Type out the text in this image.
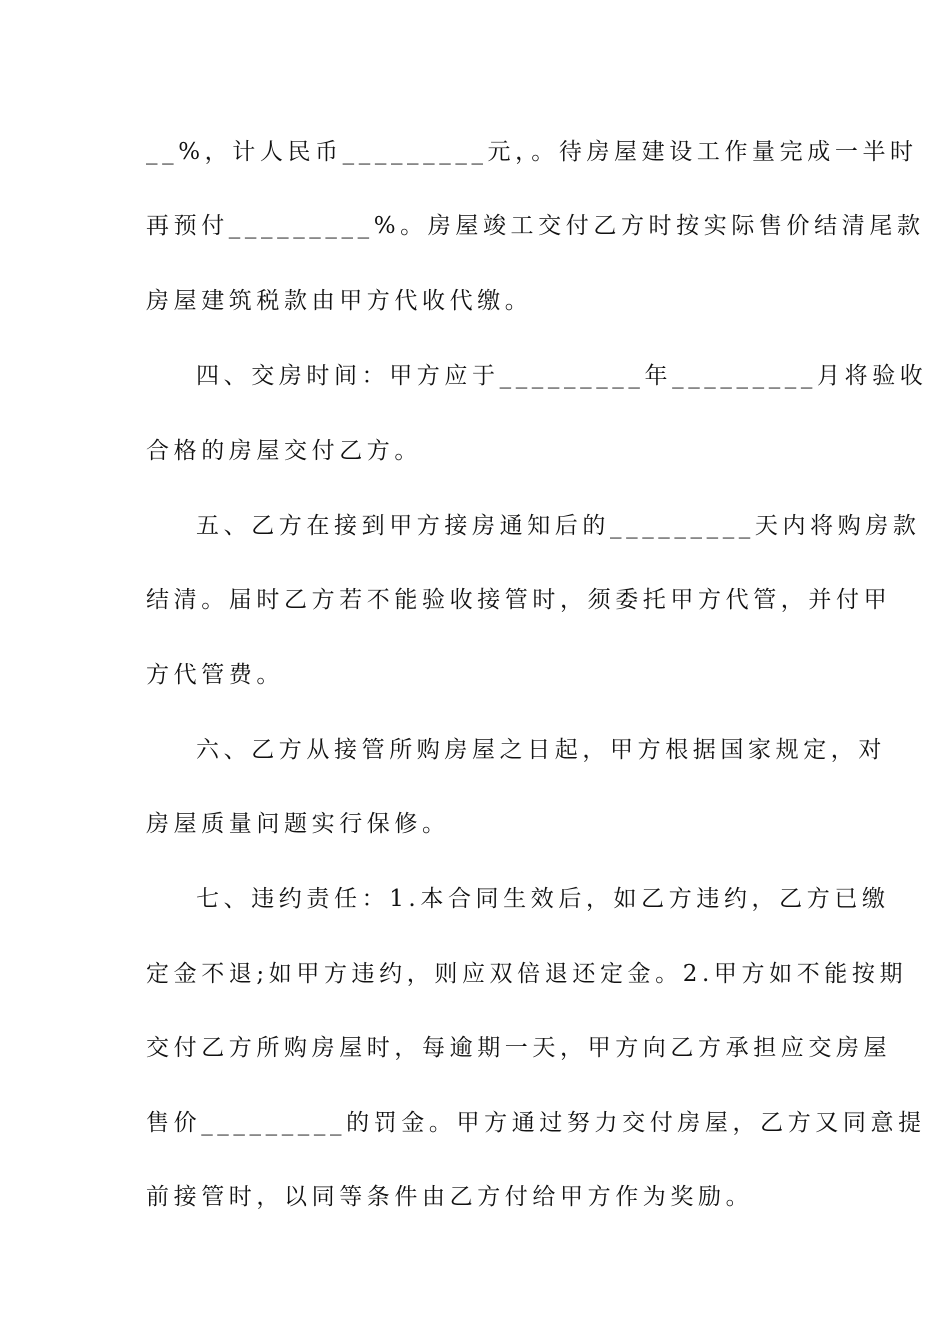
__%，计人民币_________元，。待房屋建设工作量完成一半时
再预付_________%。房屋竣工交付乙方时按实际售价结清尾款
房屋建筑税款由甲方代收代缴。
四、交房时间：甲方应于_________年_________月将验收
合格的房屋交付乙方。
五、乙方在接到甲方接房通知后的_________天内将购房款
结清。届时乙方若不能验收接管时，须委托甲方代管，并付甲
方代管费。
六、乙方从接管所购房屋之日起，甲方根据国家规定，对
房屋质量问题实行保修。
七、违约责任：1.本合同生效后，如乙方违约，乙方已缴
定金不退;如甲方违约，则应双倍退还定金。2.甲方如不能按期
交付乙方所购房屋时，每逾期一天，甲方向乙方承担应交房屋
售价_________的罚金。甲方通过努力交付房屋，乙方又同意提
前接管时，以同等条件由乙方付给甲方作为奖励。
